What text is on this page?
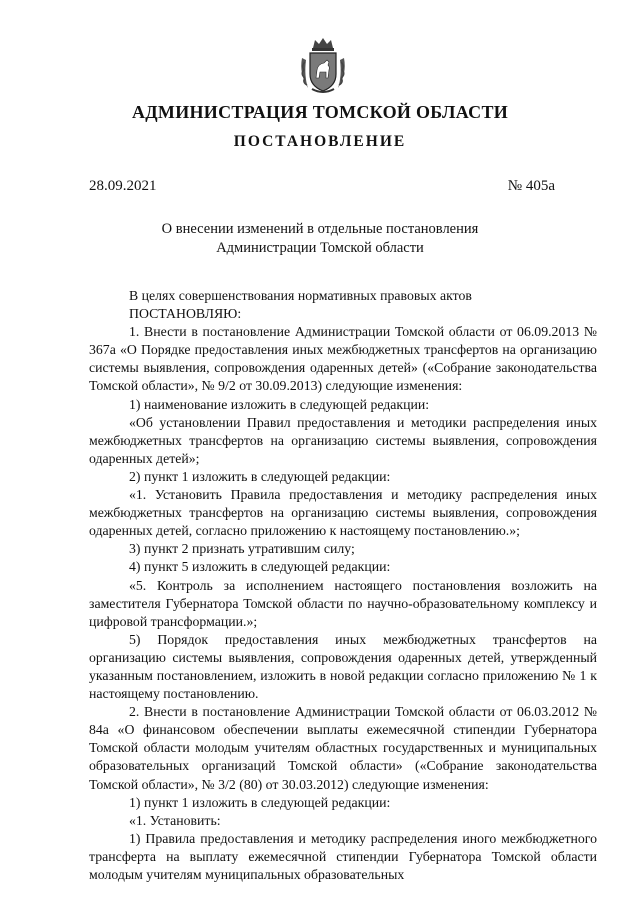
АДМИНИСТРАЦИЯ ТОМСКОЙ ОБЛАСТИ
ПОСТАНОВЛЕНИЕ
28.09.2021	№ 405а
О внесении изменений в отдельные постановления
Администрации Томской области

В целях совершенствования нормативных правовых актов

ПОСТАНОВЛЯЮ:

1. Внести в постановление Администрации Томской области от 06.09.2013 № 367а «О Порядке предоставления иных межбюджетных трансфертов на организацию системы выявления, сопровождения одаренных детей» («Собрание законодательства Томской области», № 9/2 от 30.09.2013) следующие изменения:

1) наименование изложить в следующей редакции:

«Об установлении Правил предоставления и методики распределения иных межбюджетных трансфертов на организацию системы выявления, сопровождения одаренных детей»;

2) пункт 1 изложить в следующей редакции:

«1. Установить Правила предоставления и методику распределения иных межбюджетных трансфертов на организацию системы выявления, сопровождения одаренных детей, согласно приложению к настоящему постановлению.»;

3) пункт 2 признать утратившим силу;

4) пункт 5 изложить в следующей редакции:

«5. Контроль за исполнением настоящего постановления возложить на заместителя Губернатора Томской области по научно-образовательному комплексу и цифровой трансформации.»;

5) Порядок предоставления иных межбюджетных трансфертов на организацию системы выявления, сопровождения одаренных детей, утвержденный указанным постановлением, изложить в новой редакции согласно приложению № 1 к настоящему постановлению.

2. Внести в постановление Администрации Томской области от 06.03.2012 № 84а «О финансовом обеспечении выплаты ежемесячной стипендии Губернатора Томской области молодым учителям областных государственных и муниципальных образовательных организаций Томской области» («Собрание законодательства Томской области», № 3/2 (80) от 30.03.2012) следующие изменения:

1) пункт 1 изложить в следующей редакции:

«1. Установить:

1) Правила предоставления и методику распределения иного межбюджетного трансферта на выплату ежемесячной стипендии Губернатора Томской области молодым учителям муниципальных образовательных
